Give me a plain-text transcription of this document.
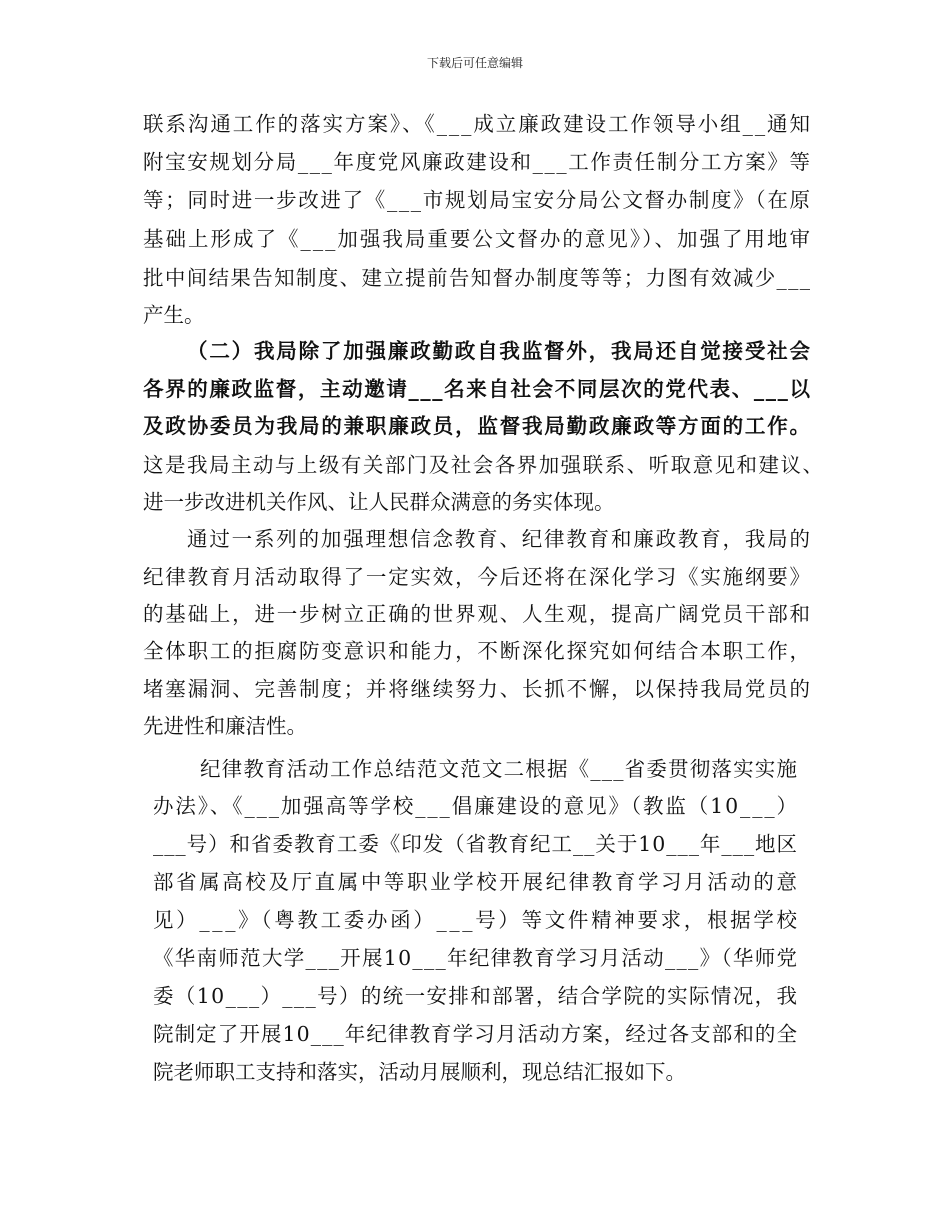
下载后可任意编辑
联系沟通工作的落实方案》、《___成立廉政建设工作领导小组__通知
附宝安规划分局___年度党风廉政建设和___工作责任制分工方案》等
等；同时进一步改进了《___市规划局宝安分局公文督办制度》（在原
基础上形成了《___加强我局重要公文督办的意见》）、加强了用地审
批中间结果告知制度、建立提前告知督办制度等等；力图有效减少___
产生。
（二）我局除了加强廉政勤政自我监督外，我局还自觉接受社会
各界的廉政监督，主动邀请___名来自社会不同层次的党代表、___以
及政协委员为我局的兼职廉政员，监督我局勤政廉政等方面的工作。
这是我局主动与上级有关部门及社会各界加强联系、听取意见和建议、
进一步改进机关作风、让人民群众满意的务实体现。
通过一系列的加强理想信念教育、纪律教育和廉政教育，我局的
纪律教育月活动取得了一定实效，今后还将在深化学习《实施纲要》
的基础上，进一步树立正确的世界观、人生观，提高广阔党员干部和
全体职工的拒腐防变意识和能力，不断深化探究如何结合本职工作，
堵塞漏洞、完善制度；并将继续努力、长抓不懈，以保持我局党员的
先进性和廉洁性。
纪律教育活动工作总结范文范文二根据《___省委贯彻落实实施
办法》、《___加强高等学校___倡廉建设的意见》（教监（10___）
___号）和省委教育工委《印发（省教育纪工__关于10___年___地区
部省属高校及厅直属中等职业学校开展纪律教育学习月活动的意
见）___》（粤教工委办函）___号）等文件精神要求，根据学校
《华南师范大学___开展10___年纪律教育学习月活动___》（华师党
委（10___）___号）的统一安排和部署，结合学院的实际情况，我
院制定了开展10___年纪律教育学习月活动方案，经过各支部和的全
院老师职工支持和落实，活动月展顺利，现总结汇报如下。
